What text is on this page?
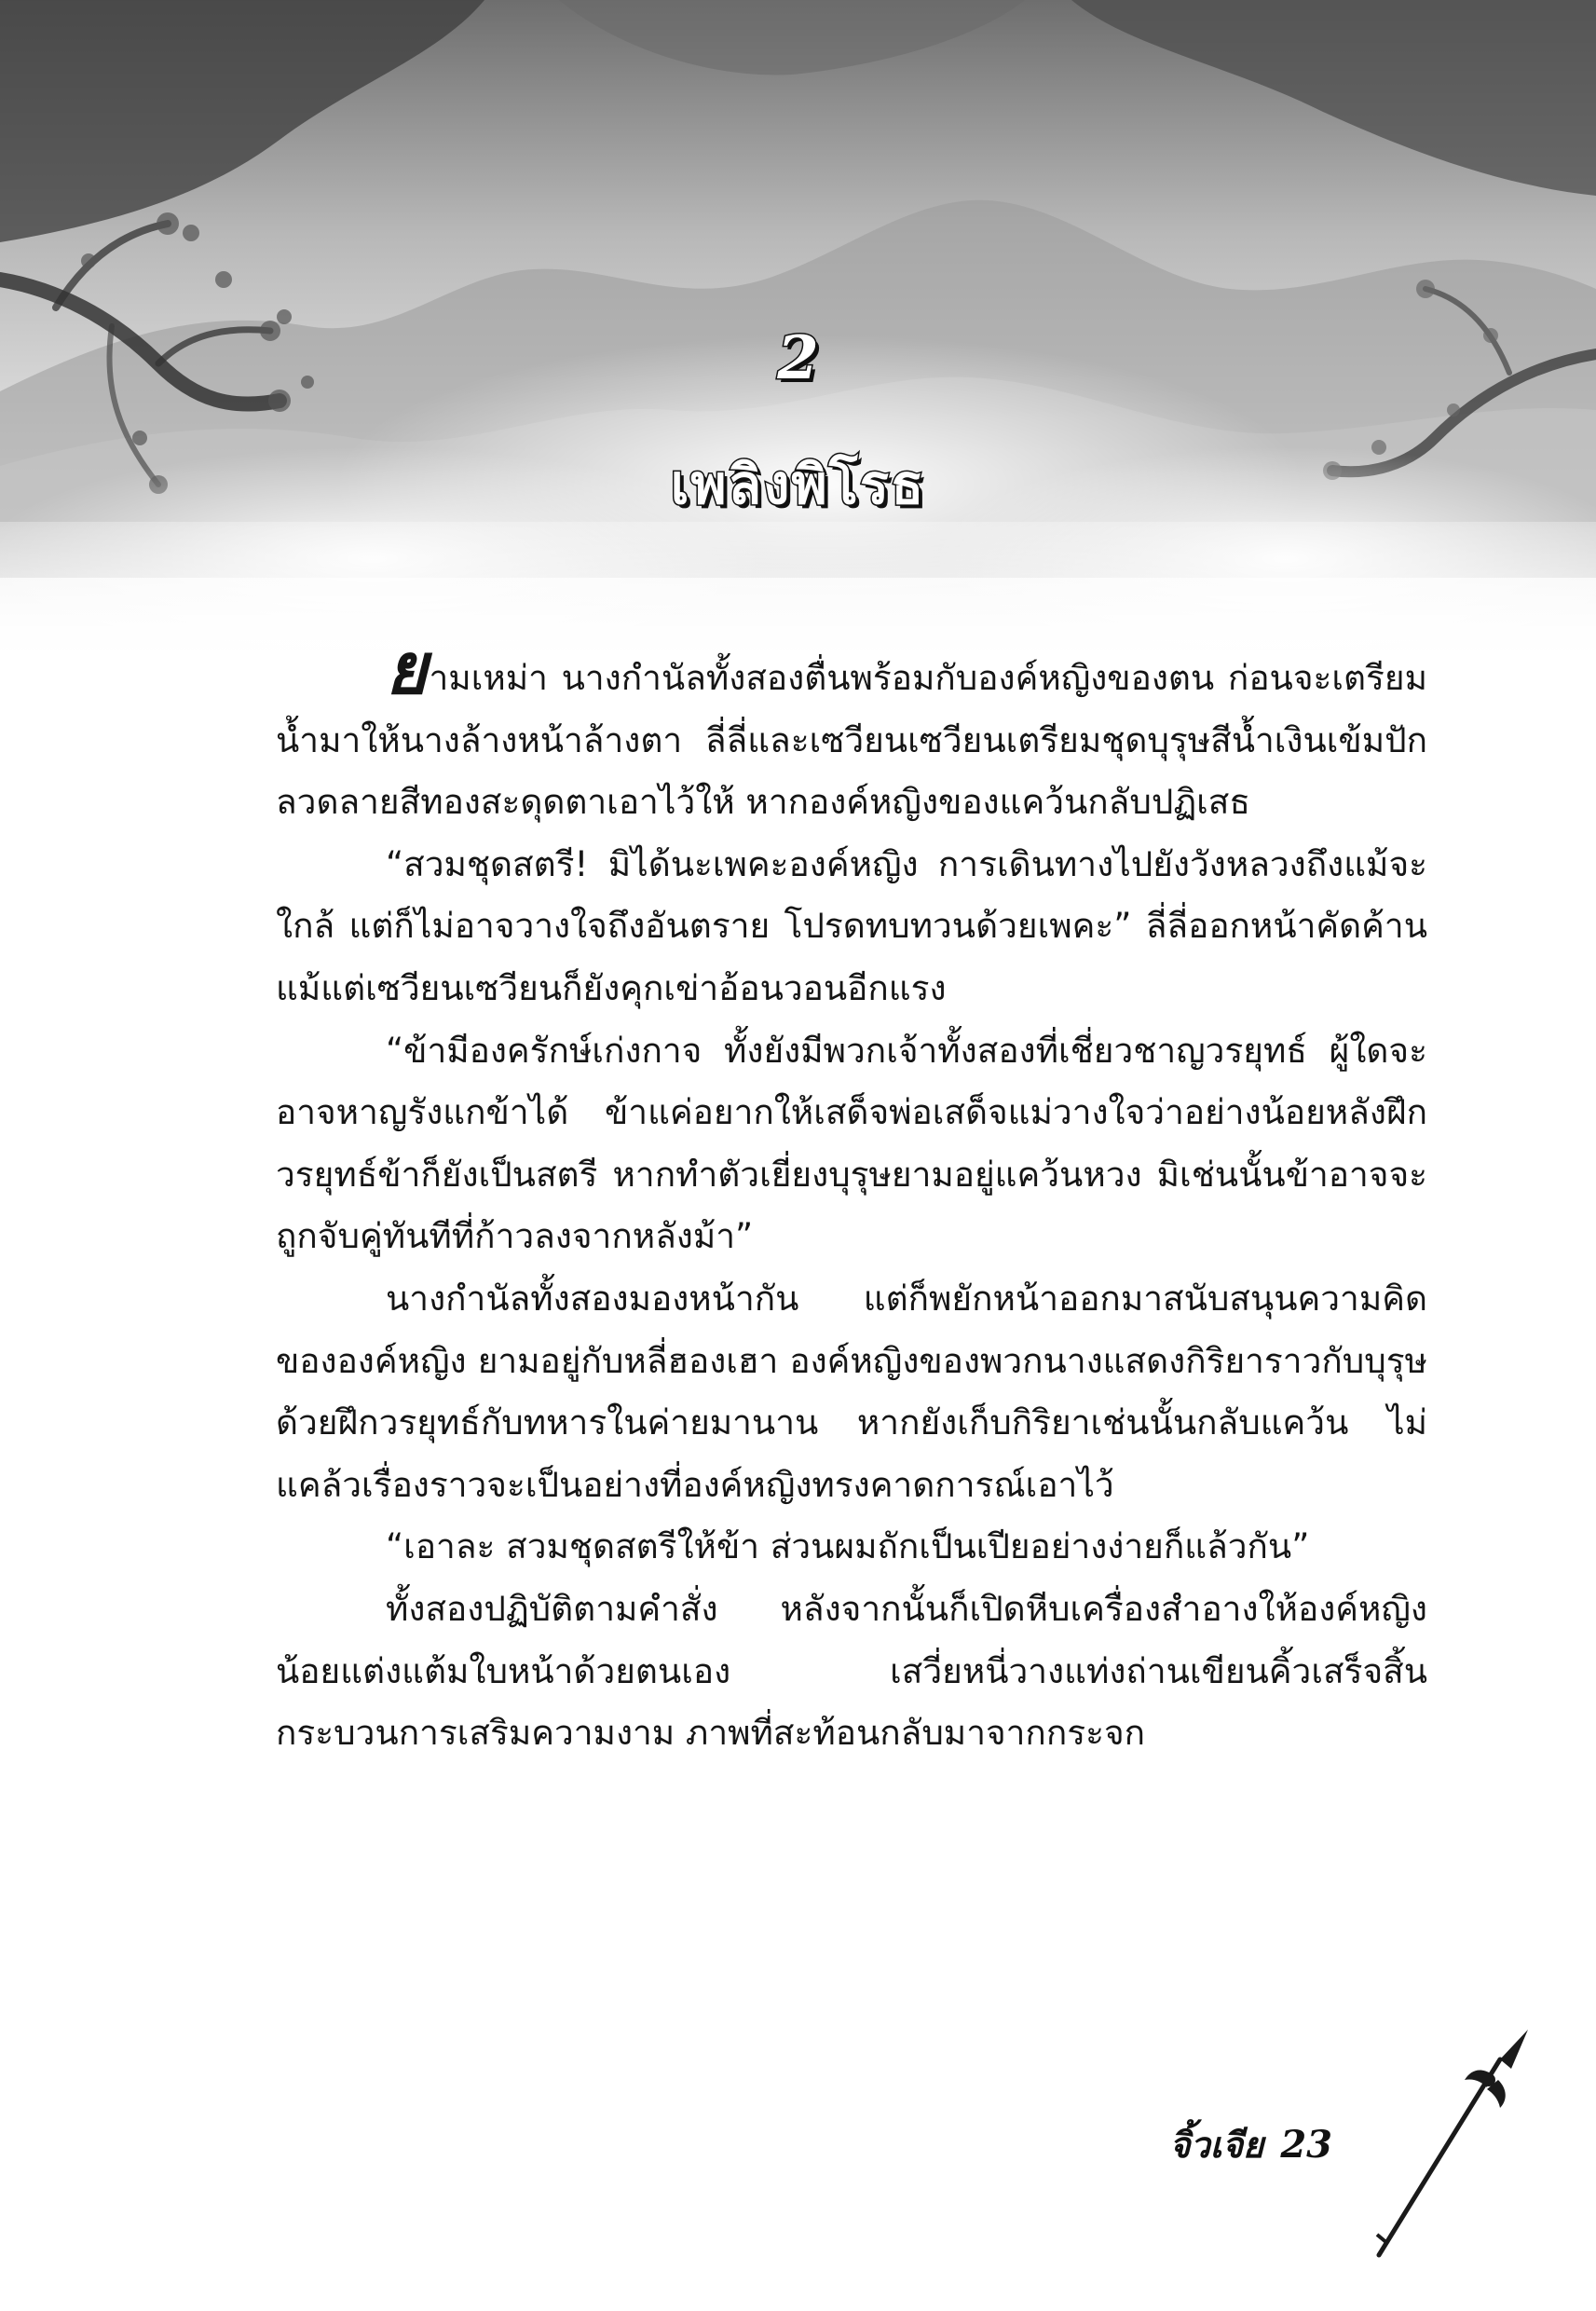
2
เพลิงพิโรธ

ยามเหม่า นางกำนัลทั้งสองตื่นพร้อมกับองค์หญิงของตน ก่อนจะเตรียมน้ำมาให้นางล้างหน้าล้างตา ลี่ลี่และเซวียนเซวียนเตรียมชุดบุรุษสีน้ำเงินเข้มปักลวดลายสีทองสะดุดตาเอาไว้ให้ หากองค์หญิงของแคว้นกลับปฏิเสธ

“สวมชุดสตรี! มิได้นะเพคะองค์หญิง การเดินทางไปยังวังหลวงถึงแม้จะใกล้ แต่ก็ไม่อาจวางใจถึงอันตราย โปรดทบทวนด้วยเพคะ” ลี่ลี่ออกหน้าคัดค้าน แม้แต่เซวียนเซวียนก็ยังคุกเข่าอ้อนวอนอีกแรง

“ข้ามีองครักษ์เก่งกาจ ทั้งยังมีพวกเจ้าทั้งสองที่เชี่ยวชาญวรยุทธ์ ผู้ใดจะอาจหาญรังแกข้าได้ ข้าแค่อยากให้เสด็จพ่อเสด็จแม่วางใจว่าอย่างน้อยหลังฝึกวรยุทธ์ข้าก็ยังเป็นสตรี หากทำตัวเยี่ยงบุรุษยามอยู่แคว้นหวง มิเช่นนั้นข้าอาจจะถูกจับคู่ทันทีที่ก้าวลงจากหลังม้า”

นางกำนัลทั้งสองมองหน้ากัน แต่ก็พยักหน้าออกมาสนับสนุนความคิดขององค์หญิง ยามอยู่กับหลี่ฮองเฮา องค์หญิงของพวกนางแสดงกิริยาราวกับบุรุษ ด้วยฝึกวรยุทธ์กับทหารในค่ายมานาน หากยังเก็บกิริยาเช่นนั้นกลับแคว้น ไม่แคล้วเรื่องราวจะเป็นอย่างที่องค์หญิงทรงคาดการณ์เอาไว้

“เอาละ สวมชุดสตรีให้ข้า ส่วนผมถักเป็นเปียอย่างง่ายก็แล้วกัน”

ทั้งสองปฏิบัติตามคำสั่ง หลังจากนั้นก็เปิดหีบเครื่องสำอางให้องค์หญิงน้อยแต่งแต้มใบหน้าด้วยตนเอง เสวี่ยหนี่วางแท่งถ่านเขียนคิ้วเสร็จสิ้นกระบวนการเสริมความงาม ภาพที่สะท้อนกลับมาจากกระจก

จิ้วเจีย 23
